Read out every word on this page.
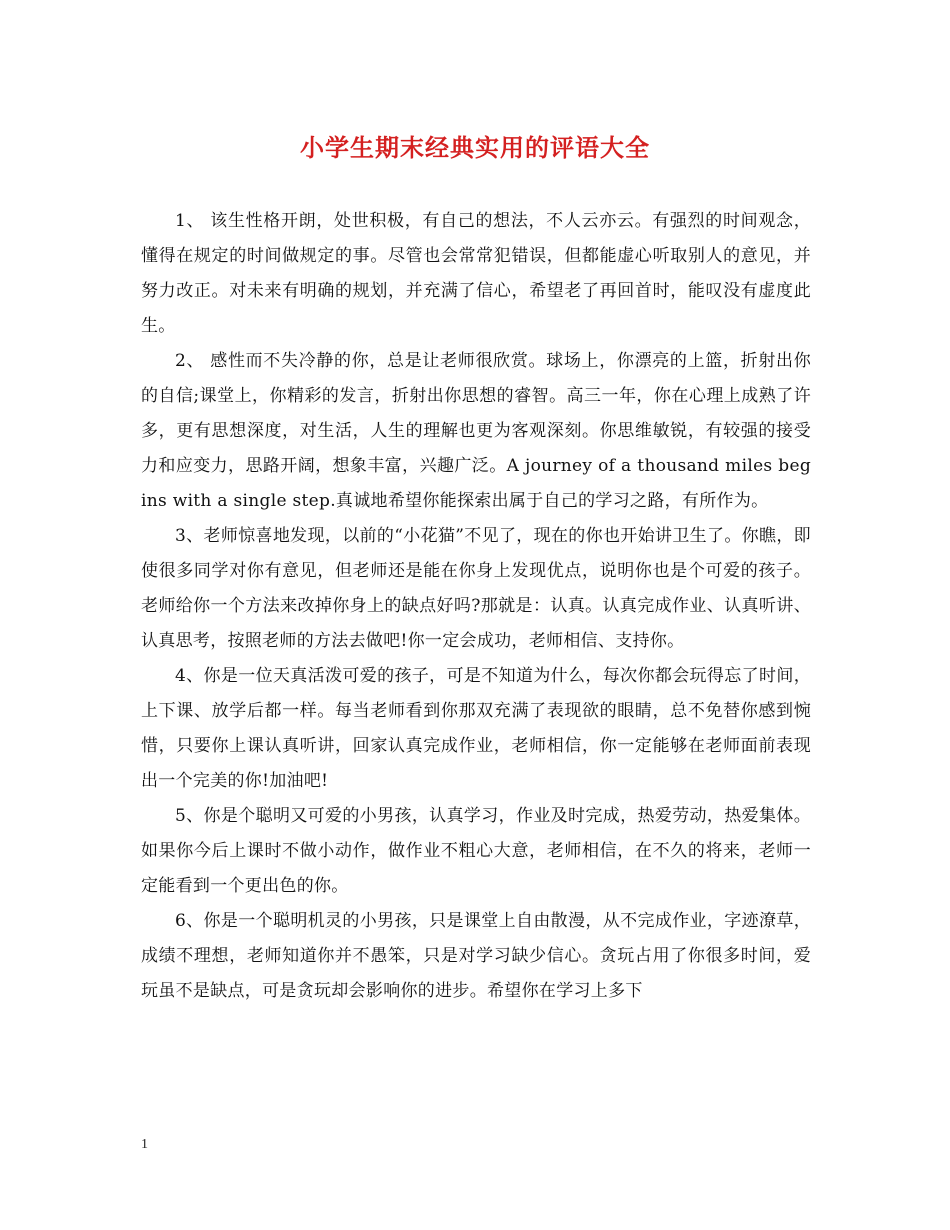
小学生期末经典实用的评语大全

1、 该生性格开朗，处世积极，有自己的想法，不人云亦云。有强烈的时间观念，懂得在规定的时间做规定的事。尽管也会常常犯错误，但都能虚心听取别人的意见，并努力改正。对未来有明确的规划，并充满了信心，希望老了再回首时，能叹没有虚度此生。

2、 感性而不失冷静的你，总是让老师很欣赏。球场上，你漂亮的上篮，折射出你的自信;课堂上，你精彩的发言，折射出你思想的睿智。高三一年，你在心理上成熟了许多，更有思想深度，对生活，人生的理解也更为客观深刻。你思维敏锐，有较强的接受力和应变力，思路开阔，想象丰富，兴趣广泛。A journey of a thousand miles begins with a single step.真诚地希望你能探索出属于自己的学习之路，有所作为。

3、老师惊喜地发现，以前的“小花猫”不见了，现在的你也开始讲卫生了。你瞧，即使很多同学对你有意见，但老师还是能在你身上发现优点，说明你也是个可爱的孩子。老师给你一个方法来改掉你身上的缺点好吗?那就是：认真。认真完成作业、认真听讲、认真思考，按照老师的方法去做吧!你一定会成功，老师相信、支持你。

4、你是一位天真活泼可爱的孩子，可是不知道为什么，每次你都会玩得忘了时间，上下课、放学后都一样。每当老师看到你那双充满了表现欲的眼睛，总不免替你感到惋惜，只要你上课认真听讲，回家认真完成作业，老师相信，你一定能够在老师面前表现出一个完美的你!加油吧!

5、你是个聪明又可爱的小男孩，认真学习，作业及时完成，热爱劳动，热爱集体。如果你今后上课时不做小动作，做作业不粗心大意，老师相信，在不久的将来，老师一定能看到一个更出色的你。

6、你是一个聪明机灵的小男孩，只是课堂上自由散漫，从不完成作业，字迹潦草，成绩不理想，老师知道你并不愚笨，只是对学习缺少信心。贪玩占用了你很多时间，爱玩虽不是缺点，可是贪玩却会影响你的进步。希望你在学习上多下

1
